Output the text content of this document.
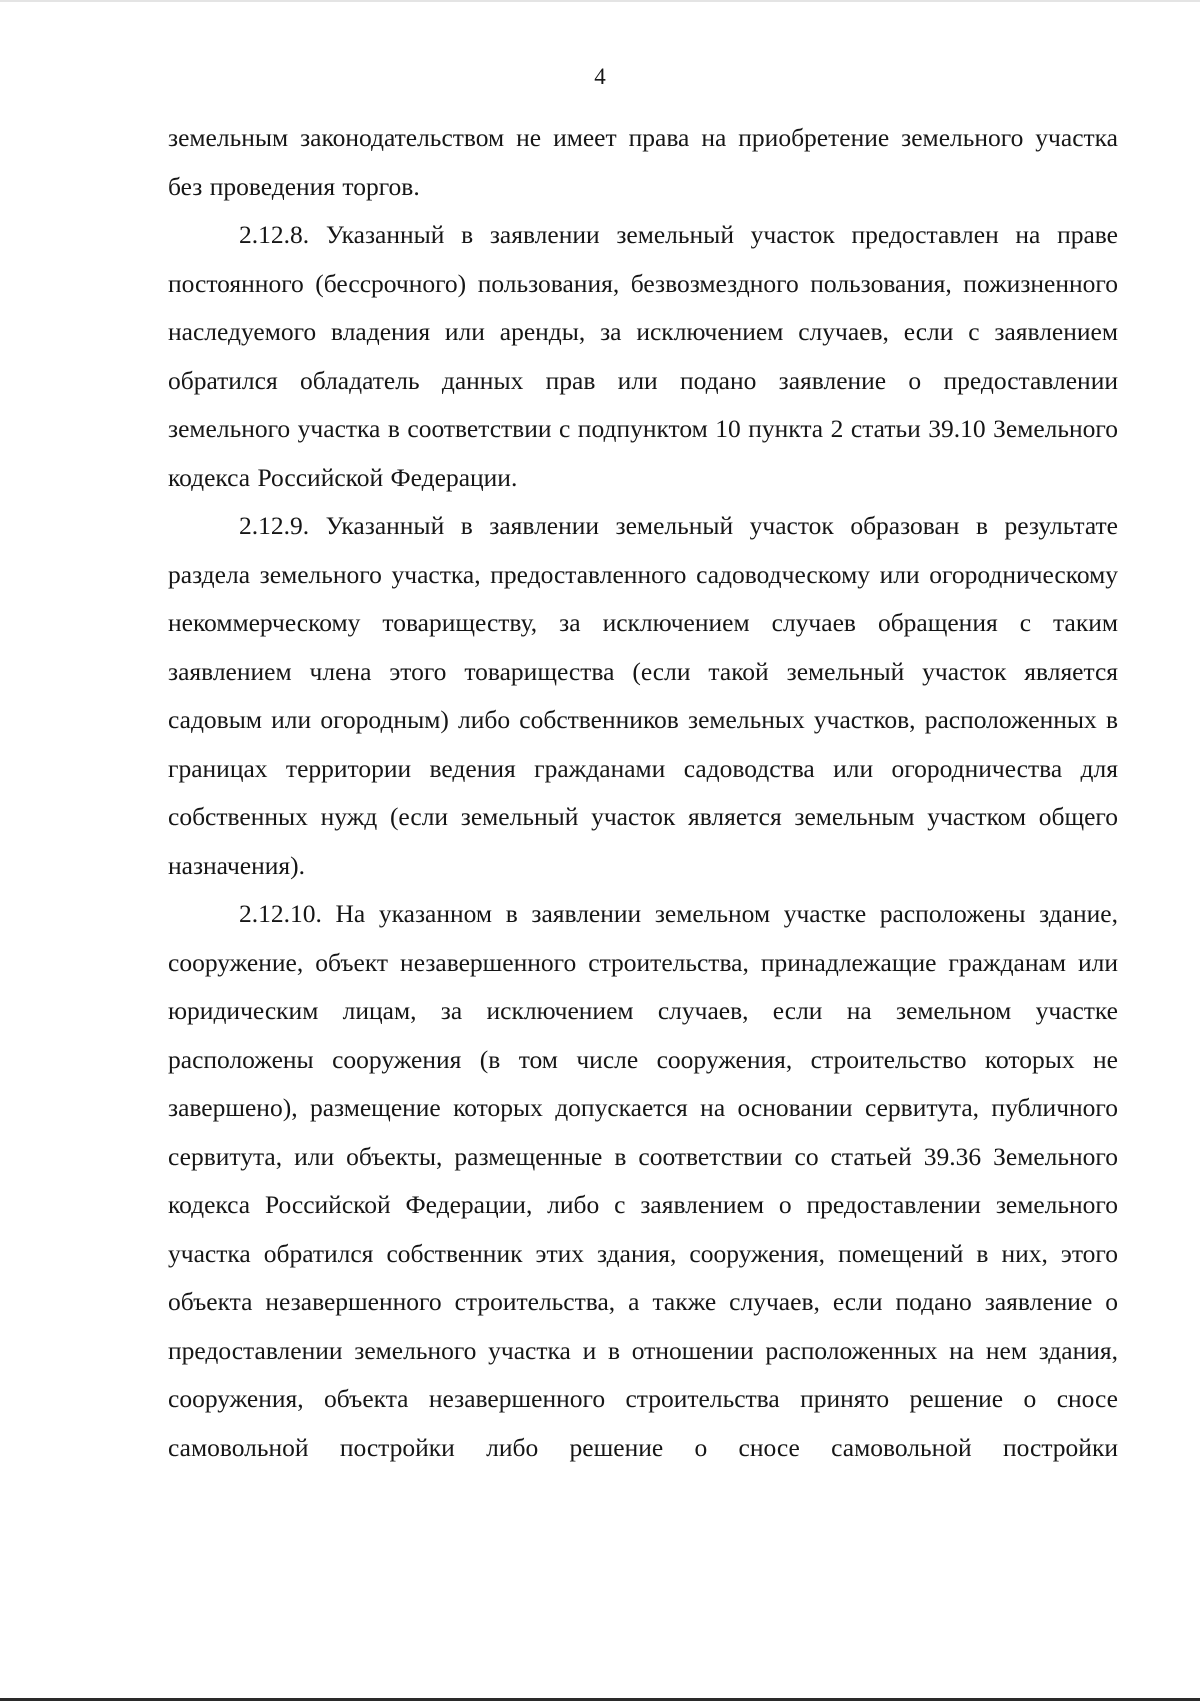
4

земельным законодательством не имеет права на приобретение земельного участка без проведения торгов.

2.12.8. Указанный в заявлении земельный участок предоставлен на праве постоянного (бессрочного) пользования, безвозмездного пользования, пожизненного наследуемого владения или аренды, за исключением случаев, если с заявлением обратился обладатель данных прав или подано заявление о предоставлении земельного участка в соответствии с подпунктом 10 пункта 2 статьи 39.10 Земельного кодекса Российской Федерации.

2.12.9. Указанный в заявлении земельный участок образован в результате раздела земельного участка, предоставленного садоводческому или огородническому некоммерческому товариществу, за исключением случаев обращения с таким заявлением члена этого товарищества (если такой земельный участок является садовым или огородным) либо собственников земельных участков, расположенных в границах территории ведения гражданами садоводства или огородничества для собственных нужд (если земельный участок является земельным участком общего назначения).

2.12.10. На указанном в заявлении земельном участке расположены здание, сооружение, объект незавершенного строительства, принадлежащие гражданам или юридическим лицам, за исключением случаев, если на земельном участке расположены сооружения (в том числе сооружения, строительство которых не завершено), размещение которых допускается на основании сервитута, публичного сервитута, или объекты, размещенные в соответствии со статьей 39.36 Земельного кодекса Российской Федерации, либо с заявлением о предоставлении земельного участка обратился собственник этих здания, сооружения, помещений в них, этого объекта незавершенного строительства, а также случаев, если подано заявление о предоставлении земельного участка и в отношении расположенных на нем здания, сооружения, объекта незавершенного строительства принято решение о сносе самовольной постройки либо решение о сносе самовольной постройки
